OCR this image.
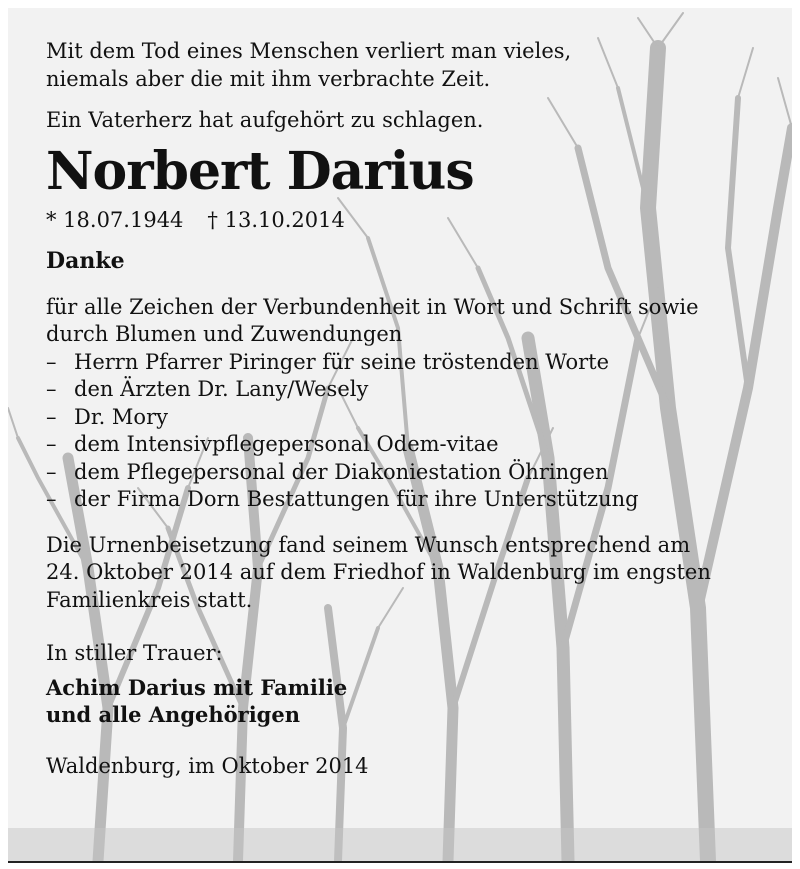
Mit dem Tod eines Menschen verliert man vieles,
niemals aber die mit ihm verbrachte Zeit.

Ein Vaterherz hat aufgehört zu schlagen.

Norbert Darius

* 18.07.1944 † 13.10.2014

Danke

für alle Zeichen der Verbundenheit in Wort und Schrift sowie
durch Blumen und Zuwendungen

– Herrn Pfarrer Piringer für seine tröstenden Worte
– den Ärzten Dr. Lany/Wesely
– Dr. Mory
– dem Intensivpflegepersonal Odem-vitae
– dem Pflegepersonal der Diakoniestation Öhringen
– der Firma Dorn Bestattungen für ihre Unterstützung

Die Urnenbeisetzung fand seinem Wunsch entsprechend am
24. Oktober 2014 auf dem Friedhof in Waldenburg im engsten
Familienkreis statt.

In stiller Trauer:

Achim Darius mit Familie
und alle Angehörigen

Waldenburg, im Oktober 2014
